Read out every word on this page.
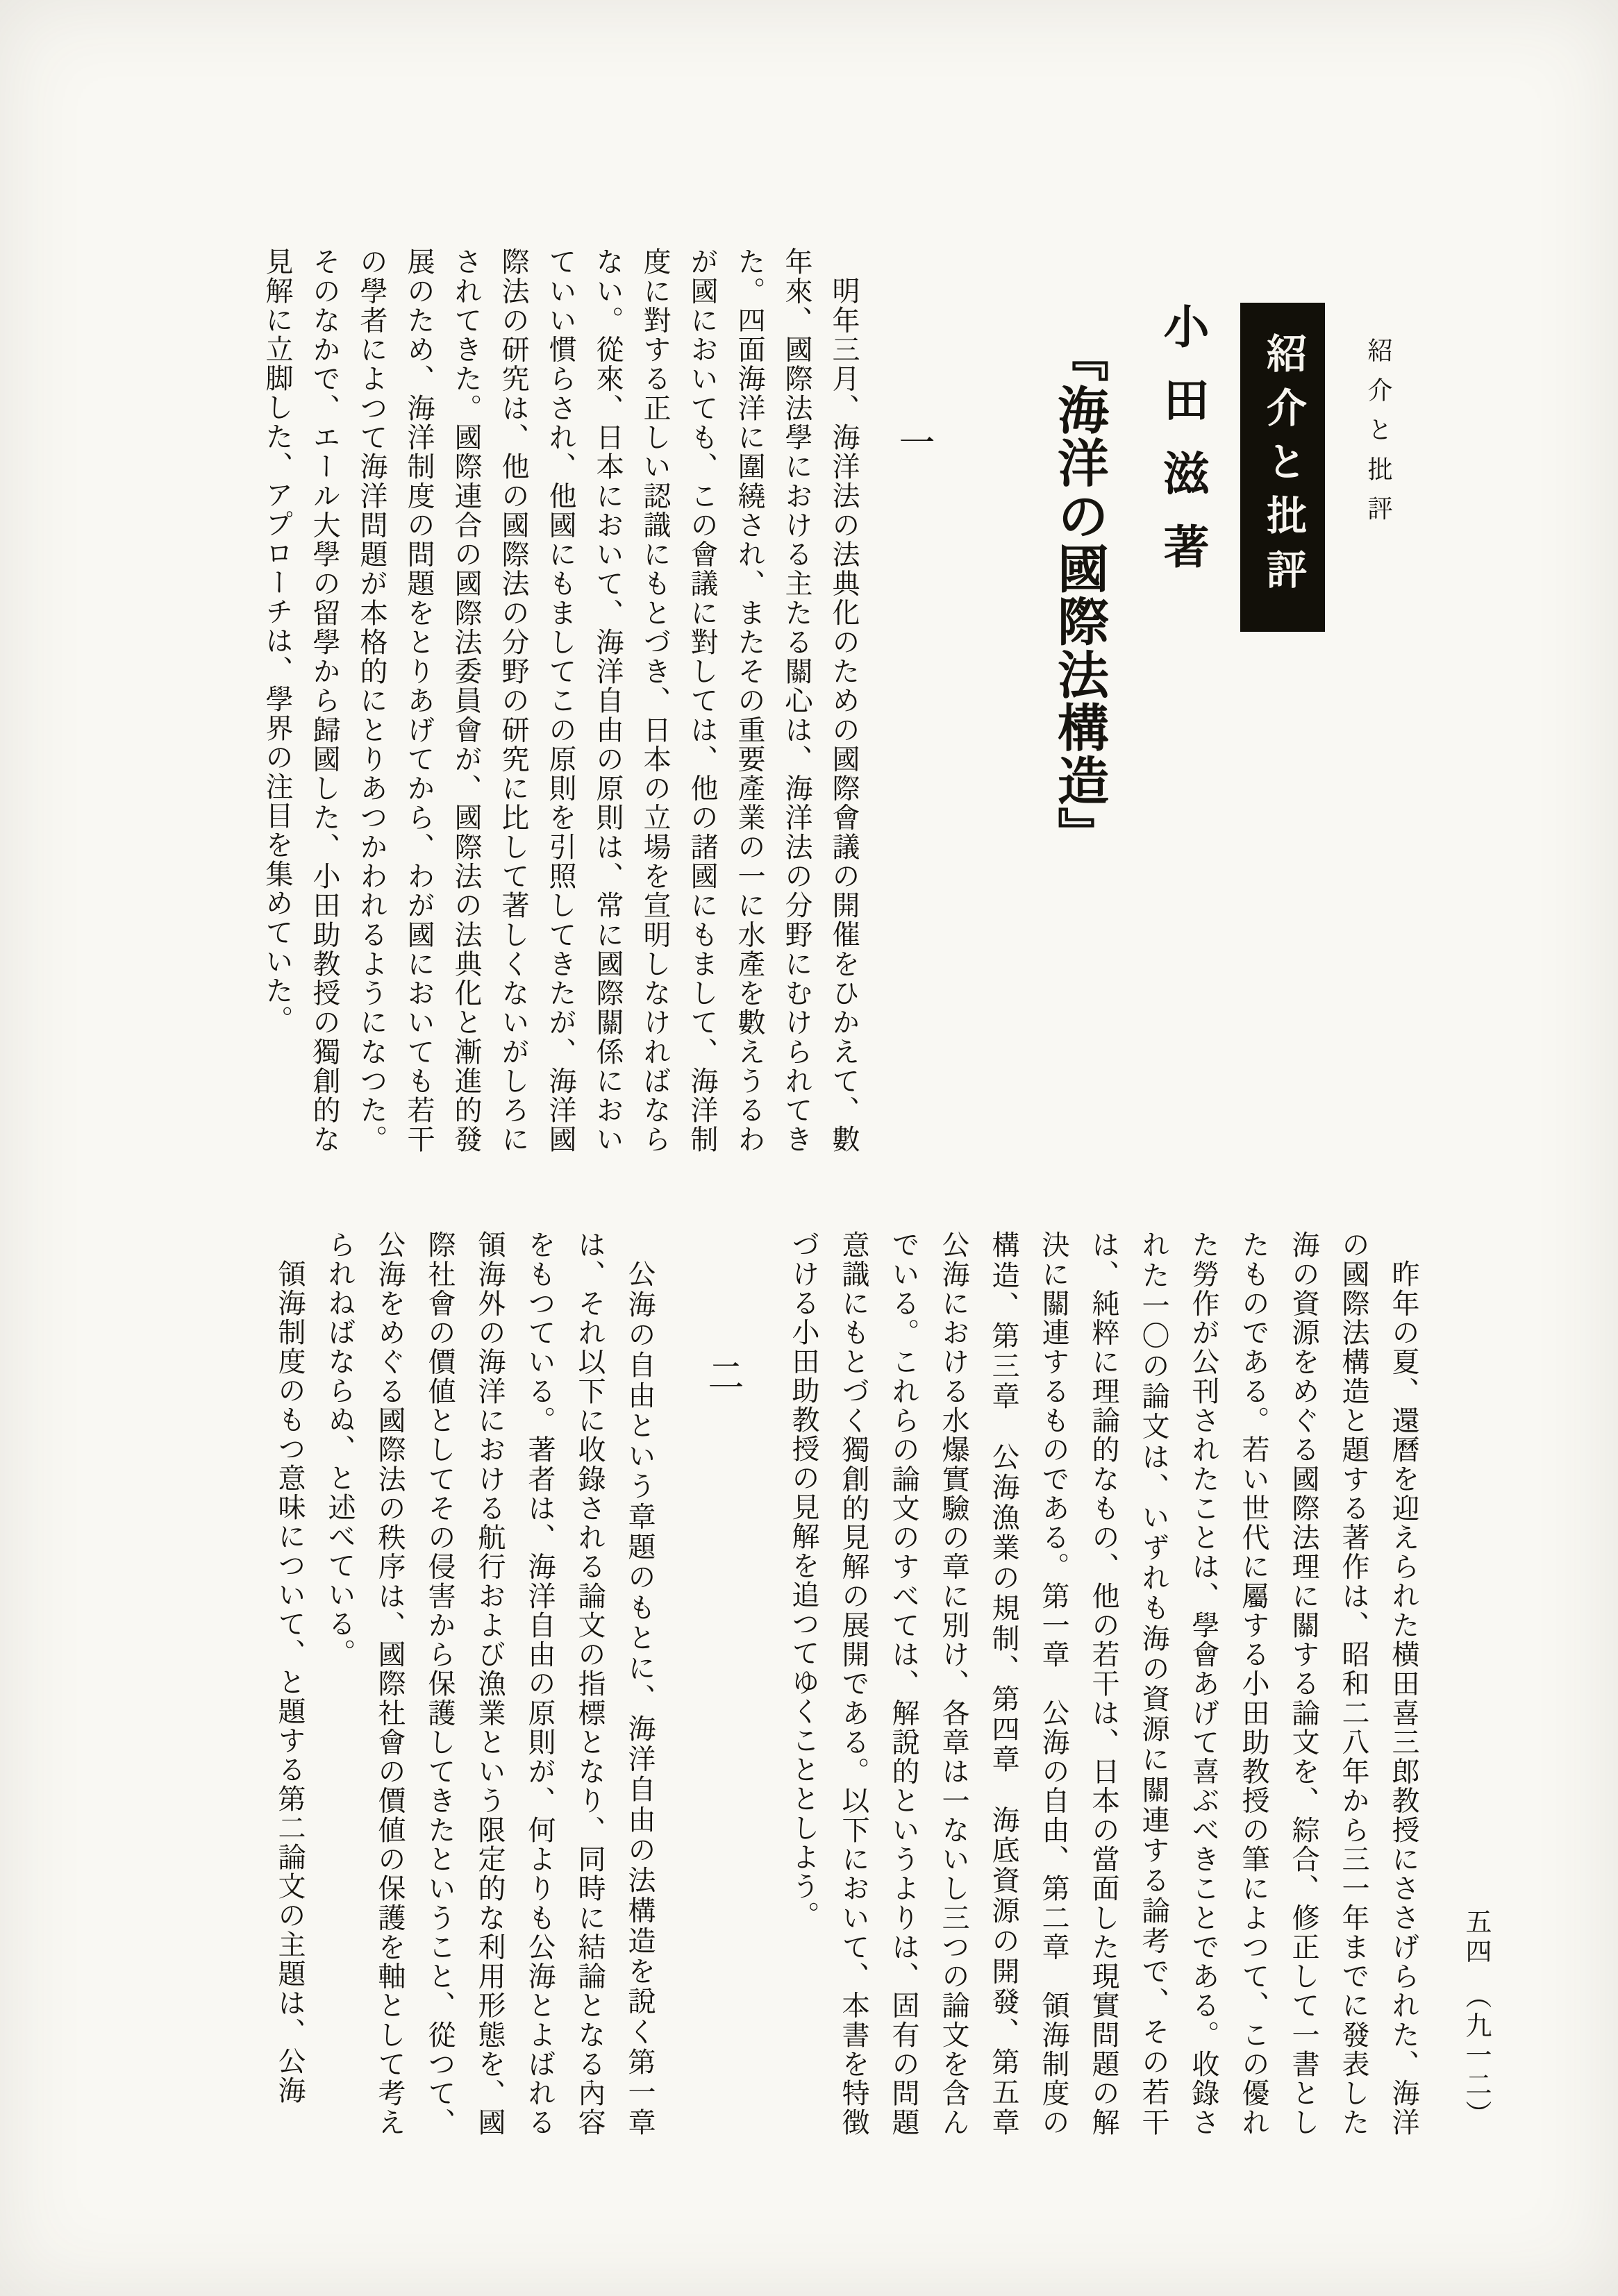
紹介と批評
紹介と批評
小田滋著
『海洋の國際法構造』
一

明年三月、海洋法の法典化のための國際會議の開催をひかえて、數年來、國際法學における主たる關心は、海洋法の分野にむけられてきた。四面海洋に圍繞され、またその重要產業の一に水產を數えうるわが國においても、この會議に對しては、他の諸國にもまして、海洋制度に對する正しい認識にもとづき、日本の立場を宣明しなければならない。從來、日本において、海洋自由の原則は、常に國際關係においていい慣らされ、他國にもましてこの原則を引照してきたが、海洋國際法の研究は、他の國際法の分野の研究に比して著しくないがしろにされてきた。國際連合の國際法委員會が、國際法の法典化と漸進的發展のため、海洋制度の問題をとりあげてから、わが國においても若干の學者によつて海洋問題が本格的にとりあつかわれるようになつた。そのなかで、エール大學の留學から歸國した、小田助教授の獨創的な見解に立脚した、アプローチは、學界の注目を集めていた。

昨年の夏、還曆を迎えられた横田喜三郎教授にささげられた、海洋の國際法構造と題する著作は、昭和二八年から三一年までに發表した海の資源をめぐる國際法理に關する論文を、綜合、修正して一書としたものである。若い世代に屬する小田助教授の筆によつて、この優れた勞作が公刊されたことは、學會あげて喜ぶべきことである。收錄された一〇の論文は、いずれも海の資源に關連する論考で、その若干は、純粹に理論的なもの、他の若干は、日本の當面した現實問題の解決に關連するものである。第一章　公海の自由、第二章　領海制度の構造、第三章　公海漁業の規制、第四章　海底資源の開發、第五章　公海における水爆實驗の章に別け、各章は一ないし三つの論文を含んでいる。これらの論文のすべては、解說的というよりは、固有の問題意識にもとづく獨創的見解の展開である。以下において、本書を特徴づける小田助教授の見解を追つてゆくこととしよう。

二

公海の自由という章題のもとに、海洋自由の法構造を說く第一章は、それ以下に收錄される論文の指標となり、同時に結論となる內容をもつている。著者は、海洋自由の原則が、何よりも公海とよばれる領海外の海洋における航行および漁業という限定的な利用形態を、國際社會の價値としてその侵害から保護してきたということ、從つて、公海をめぐる國際法の秩序は、國際社會の價値の保護を軸として考えられねばならぬ、と述べている。

領海制度のもつ意味について、と題する第二論文の主題は、公海	五四（九一二）
